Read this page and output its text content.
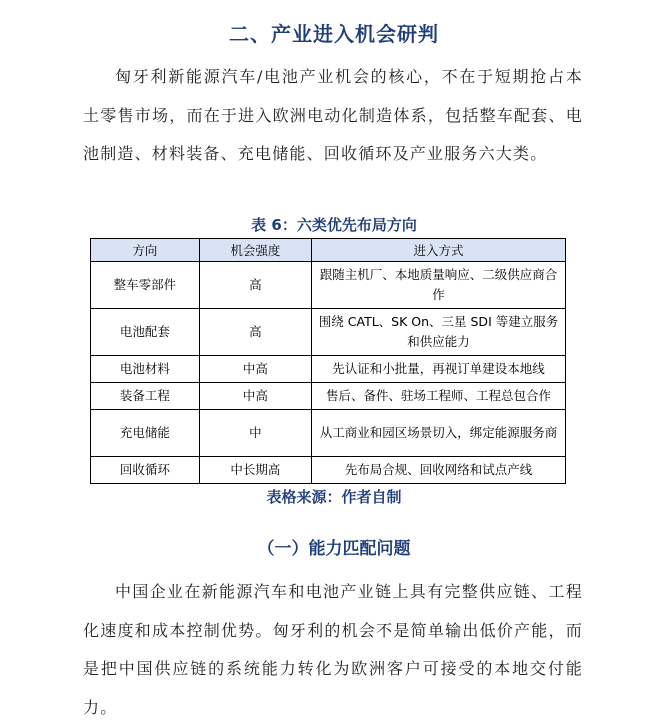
二、产业进入机会研判

匈牙利新能源汽车/电池产业机会的核心，不在于短期抢占本土零售市场，而在于进入欧洲电动化制造体系，包括整车配套、电池制造、材料装备、充电储能、回收循环及产业服务六大类。

表 6：六类优先布局方向
方向	机会强度	进入方式
整车零部件	高	跟随主机厂、本地质量响应、二级供应商合作
电池配套	高	围绕 CATL、SK On、三星 SDI 等建立服务和供应能力
电池材料	中高	先认证和小批量，再视订单建设本地线
装备工程	中高	售后、备件、驻场工程师、工程总包合作
充电储能	中	从工商业和园区场景切入，绑定能源服务商
回收循环	中长期高	先布局合规、回收网络和试点产线
表格来源：作者自制
（一）能力匹配问题

中国企业在新能源汽车和电池产业链上具有完整供应链、工程化速度和成本控制优势。匈牙利的机会不是简单输出低价产能，而是把中国供应链的系统能力转化为欧洲客户可接受的本地交付能力。
